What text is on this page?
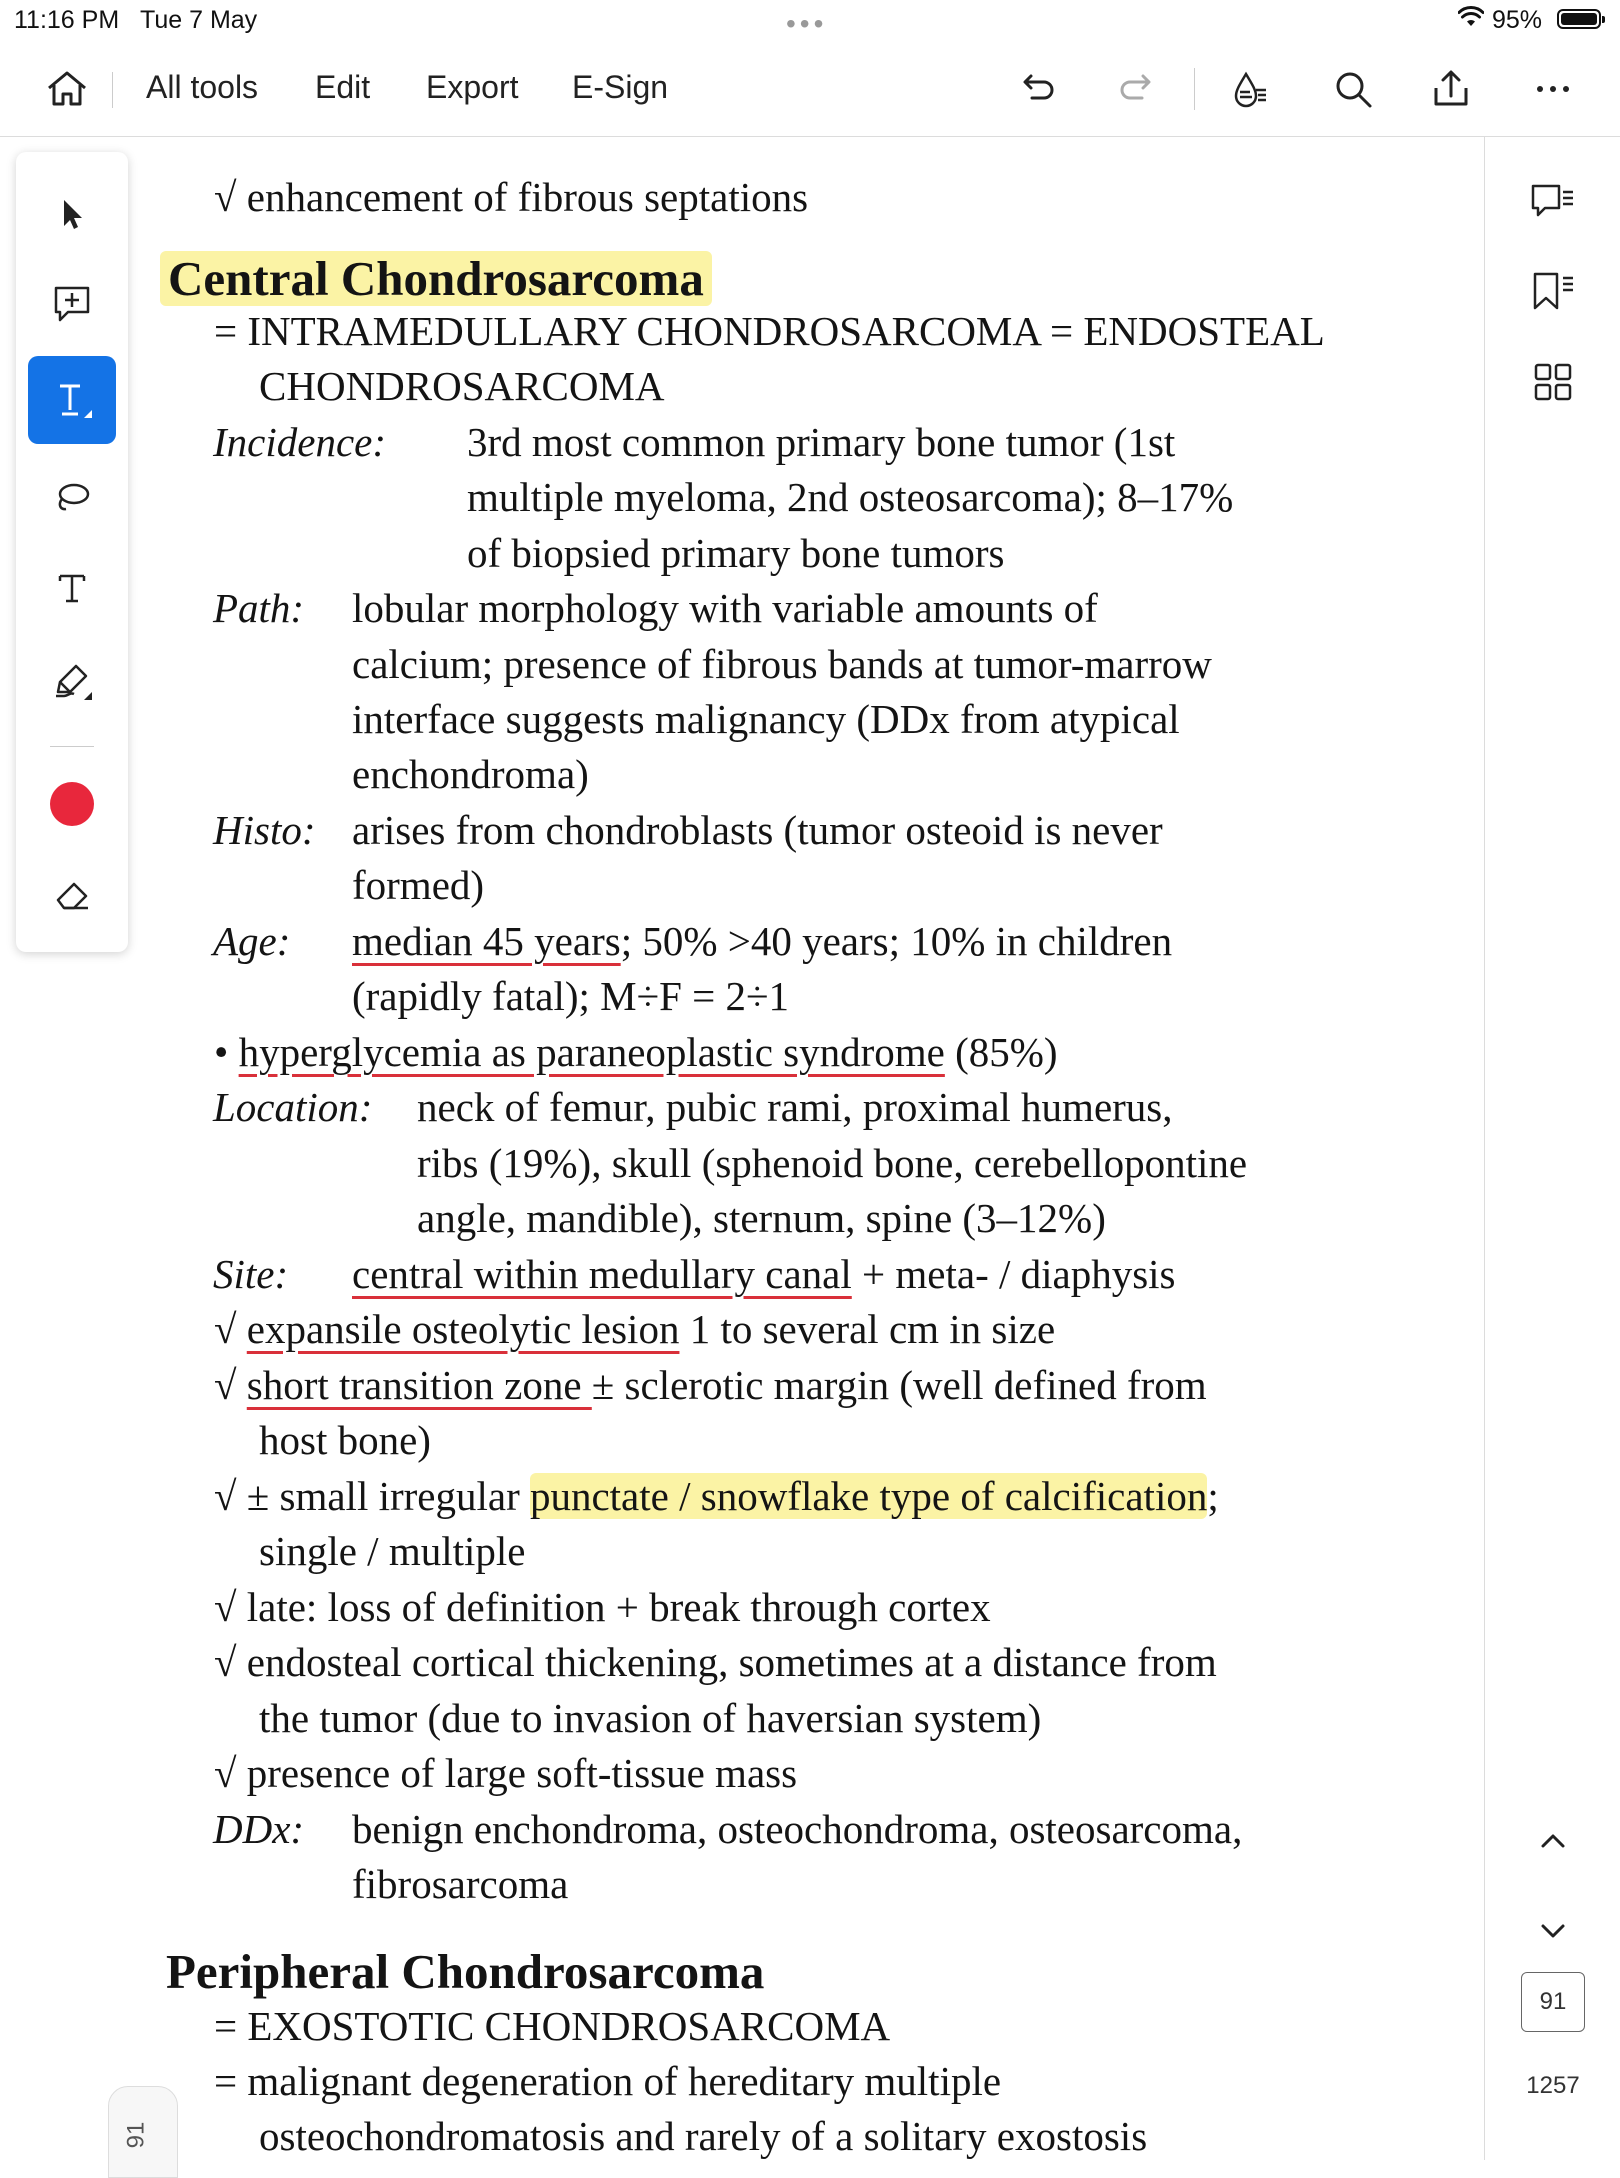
11:16 PM Tue 7 May	•••	95%
All tools Edit Export E-Sign
√ enhancement of fibrous septations
Central Chondrosarcoma
= INTRAMEDULLARY CHONDROSARCOMA = ENDOSTEAL
CHONDROSARCOMA
Incidence: 3rd most common primary bone tumor (1st
multiple myeloma, 2nd osteosarcoma); 8–17%
of biopsied primary bone tumors
Path: lobular morphology with variable amounts of
calcium; presence of fibrous bands at tumor-marrow
interface suggests malignancy (DDx from atypical
enchondroma)
Histo: arises from chondroblasts (tumor osteoid is never
formed)
Age: median 45 years; 50% >40 years; 10% in children
(rapidly fatal); M÷F = 2÷1
• hyperglycemia as paraneoplastic syndrome (85%)
Location: neck of femur, pubic rami, proximal humerus,
ribs (19%), skull (sphenoid bone, cerebellopontine
angle, mandible), sternum, spine (3–12%)
Site: central within medullary canal + meta- / diaphysis
√ expansile osteolytic lesion 1 to several cm in size
√ short transition zone ± sclerotic margin (well defined from
host bone)
√ ± small irregular punctate / snowflake type of calcification;
single / multiple
√ late: loss of definition + break through cortex
√ endosteal cortical thickening, sometimes at a distance from
the tumor (due to invasion of haversian system)
√ presence of large soft-tissue mass
DDx: benign enchondroma, osteochondroma, osteosarcoma,
fibrosarcoma
Peripheral Chondrosarcoma
= EXOSTOTIC CHONDROSARCOMA
= malignant degeneration of hereditary multiple
osteochondromatosis and rarely of a solitary exostosis
91
1257
91
